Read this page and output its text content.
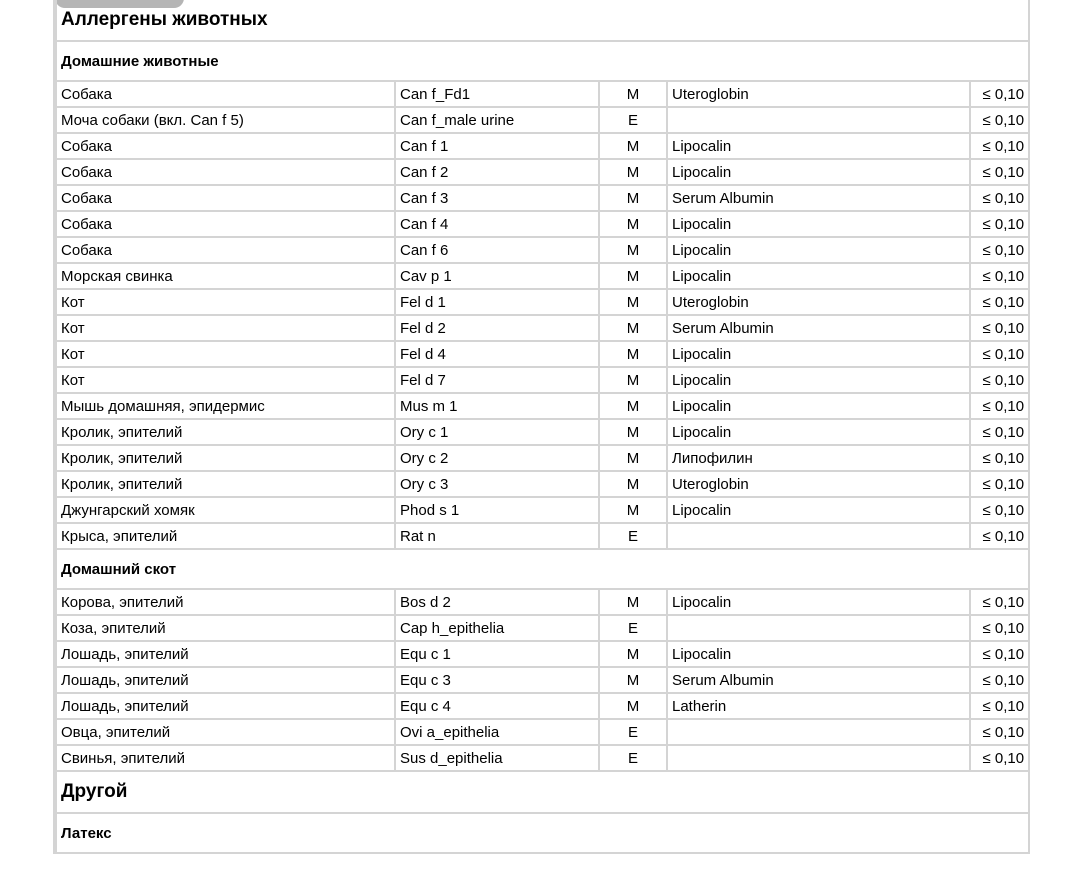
Аллергены животных				
Домашние животные				
Собака	Can f_Fd1	M	Uteroglobin	≤ 0,10
Моча собаки (вкл. Can f 5)	Can f_male urine	E		≤ 0,10
Собака	Can f 1	M	Lipocalin	≤ 0,10
Собака	Can f 2	M	Lipocalin	≤ 0,10
Собака	Can f 3	M	Serum Albumin	≤ 0,10
Собака	Can f 4	M	Lipocalin	≤ 0,10
Собака	Can f 6	M	Lipocalin	≤ 0,10
Морская свинка	Cav p 1	M	Lipocalin	≤ 0,10
Кот	Fel d 1	M	Uteroglobin	≤ 0,10
Кот	Fel d 2	M	Serum Albumin	≤ 0,10
Кот	Fel d 4	M	Lipocalin	≤ 0,10
Кот	Fel d 7	M	Lipocalin	≤ 0,10
Мышь домашняя, эпидермис	Mus m 1	M	Lipocalin	≤ 0,10
Кролик, эпителий	Ory c 1	M	Lipocalin	≤ 0,10
Кролик, эпителий	Ory c 2	M	Липофилин	≤ 0,10
Кролик, эпителий	Ory c 3	M	Uteroglobin	≤ 0,10
Джунгарский хомяк	Phod s 1	M	Lipocalin	≤ 0,10
Крыса, эпителий	Rat n	E		≤ 0,10
Домашний скот				
Корова, эпителий	Bos d 2	M	Lipocalin	≤ 0,10
Коза, эпителий	Cap h_epithelia	E		≤ 0,10
Лошадь, эпителий	Equ c 1	M	Lipocalin	≤ 0,10
Лошадь, эпителий	Equ c 3	M	Serum Albumin	≤ 0,10
Лошадь, эпителий	Equ c 4	M	Latherin	≤ 0,10
Овца, эпителий	Ovi a_epithelia	E		≤ 0,10
Свинья, эпителий	Sus d_epithelia	E		≤ 0,10
Другой				
Латекс				
